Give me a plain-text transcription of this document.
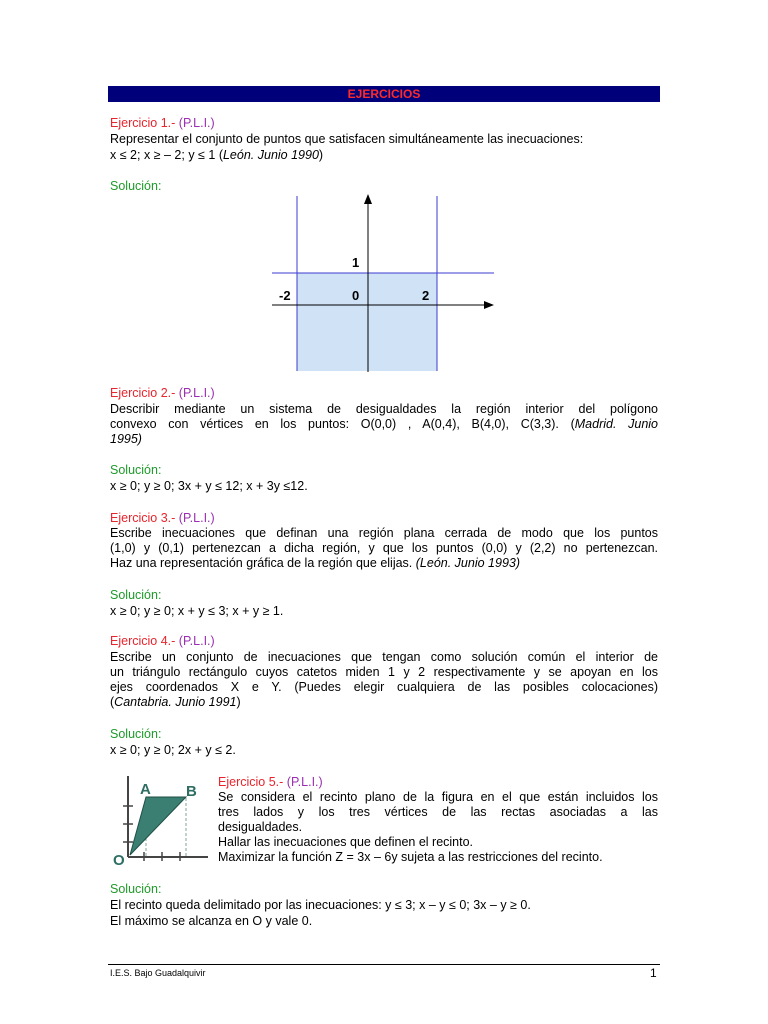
EJERCICIOS
Ejercicio 1.- (P.L.I.)
Representar el conjunto de puntos que satisfacen simultáneamente las inecuaciones:
x ≤ 2; x ≥ – 2; y ≤ 1 (León. Junio 1990)
Solución:
1
-2	0	2
Ejercicio 2.- (P.L.I.)
Describir mediante un sistema de desigualdades la región interior del polígono
convexo con vértices en los puntos: O(0,0) , A(0,4), B(4,0), C(3,3). (Madrid. Junio
1995)
Solución:
x ≥ 0; y ≥ 0; 3x + y ≤ 12; x + 3y ≤12.
Ejercicio 3.- (P.L.I.)
Escribe inecuaciones que definan una región plana cerrada de modo que los puntos
(1,0) y (0,1) pertenezcan a dicha región, y que los puntos (0,0) y (2,2) no pertenezcan.
Haz una representación gráfica de la región que elijas. (León. Junio 1993)
Solución:
x ≥ 0; y ≥ 0; x + y ≤ 3; x + y ≥ 1.
Ejercicio 4.- (P.L.I.)
Escribe un conjunto de inecuaciones que tengan como solución común el interior de
un triángulo rectángulo cuyos catetos miden 1 y 2 respectivamente y se apoyan en los
ejes coordenados X e Y. (Puedes elegir cualquiera de las posibles colocaciones)
(Cantabria. Junio 1991)
Solución:
x ≥ 0; y ≥ 0; 2x + y ≤ 2.
A B
O
Ejercicio 5.- (P.L.I.)
Se considera el recinto plano de la figura en el que están incluidos los
tres lados y los tres vértices de las rectas asociadas a las
desigualdades.
Hallar las inecuaciones que definen el recinto.
Maximizar la función Z = 3x – 6y sujeta a las restricciones del recinto.
Solución:
El recinto queda delimitado por las inecuaciones: y ≤ 3; x – y ≤ 0; 3x – y ≥ 0.
El máximo se alcanza en O y vale 0.
I.E.S. Bajo Guadalquivir	1
